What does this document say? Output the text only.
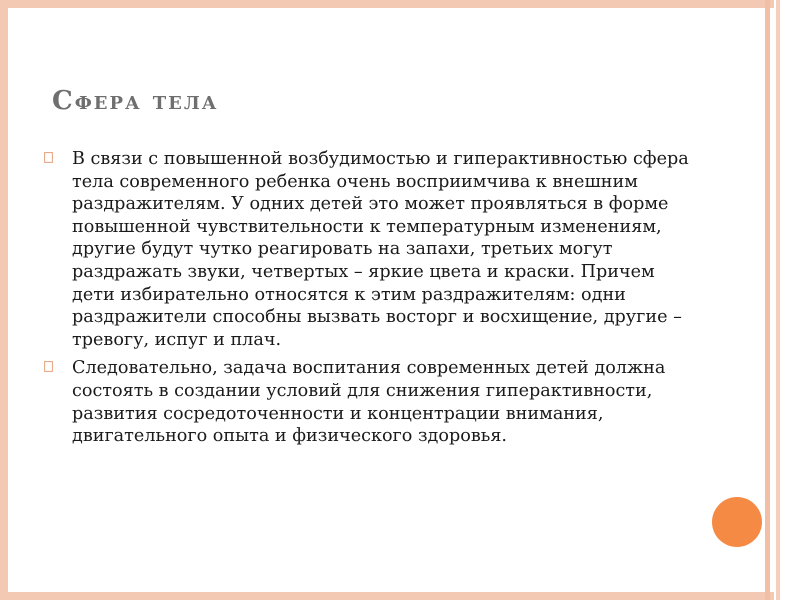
Сфера тела
В связи с повышенной возбудимостью и гиперактивностью сфера тела современного ребенка очень восприимчива к внешним раздражителям. У одних детей это может проявляться в форме повышенной чувствительности к температурным изменениям, другие будут чутко реагировать на запахи, третьих могут раздражать звуки, четвертых – яркие цвета и краски. Причем дети избирательно относятся к этим раздражителям: одни раздражители способны вызвать восторг и восхищение, другие – тревогу, испуг и плач.
Следовательно, задача воспитания современных детей должна состоять в создании условий для снижения гиперактивности, развития сосредоточенности и концентрации внимания, двигательного опыта и физического здоровья.
